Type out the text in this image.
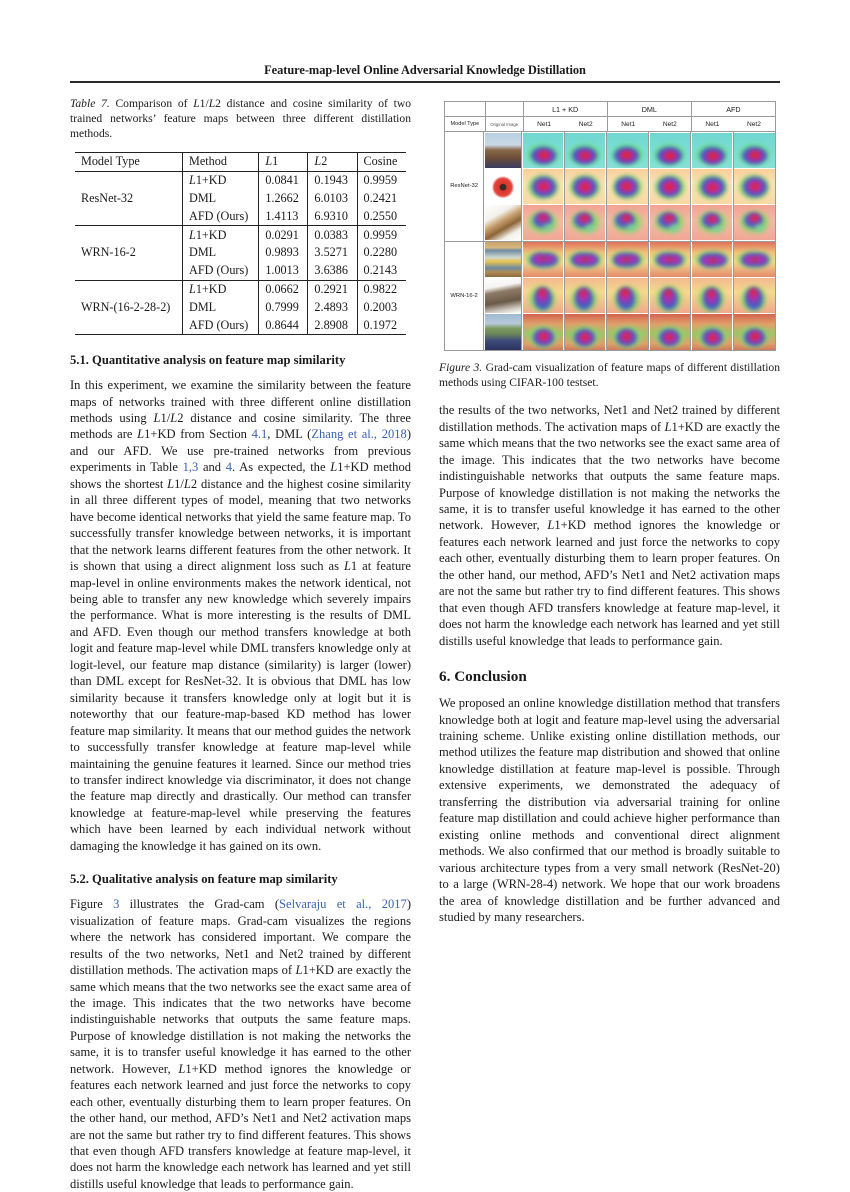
Feature-map-level Online Adversarial Knowledge Distillation
Table 7. Comparison of L1/L2 distance and cosine similarity of two trained networks’ feature maps between three different distillation methods.
Model Type	Method	L1	L2	Cosine
ResNet-32	L1+KD	0.0841	0.1943	0.9959
	DML	1.2662	6.0103	0.2421
	AFD (Ours)	1.4113	6.9310	0.2550
WRN-16-2	L1+KD	0.0291	0.0383	0.9959
	DML	0.9893	3.5271	0.2280
	AFD (Ours)	1.0013	3.6386	0.2143
WRN-(16-2-28-2)	L1+KD	0.0662	0.2921	0.9822
	DML	0.7999	2.4893	0.2003
	AFD (Ours)	0.8644	2.8908	0.1972
5.1. Quantitative analysis on feature map similarity

In this experiment, we examine the similarity between the feature maps of networks trained with three different online distillation methods using L1/L2 distance and cosine similarity. The three methods are L1+KD from Section 4.1, DML (Zhang et al., 2018) and our AFD. We use pre-trained networks from previous experiments in Table 1,3 and 4. As expected, the L1+KD method shows the shortest L1/L2 distance and the highest cosine similarity in all three different types of model, meaning that two networks have become identical networks that yield the same feature map. To successfully transfer knowledge between networks, it is important that the network learns different features from the other network. It is shown that using a direct alignment loss such as L1 at feature map-level in online environments makes the network identical, not being able to transfer any new knowledge which severely impairs the performance. What is more interesting is the results of DML and AFD. Even though our method transfers knowledge at both logit and feature map-level while DML transfers knowledge only at logit-level, our feature map distance (similarity) is larger (lower) than DML except for ResNet-32. It is obvious that DML has low similarity because it transfers knowledge only at logit but it is noteworthy that our feature-map-based KD method has lower feature map similarity. It means that our method guides the network to successfully transfer knowledge at feature map-level while maintaining the genuine features it learned. Since our method tries to transfer indirect knowledge via discriminator, it does not change the feature map directly and drastically. Our method can transfer knowledge at feature-map-level while preserving the features which have been learned by each individual network without damaging the knowledge it has gained on its own.

5.2. Qualitative analysis on feature map similarity

Figure 3 illustrates the Grad-cam (Selvaraju et al., 2017) visualization of feature maps. Grad-cam visualizes the regions where the network has considered important. We compare the results of the two networks, Net1 and Net2 trained by different distillation methods. The activation maps of L1+KD are exactly the same which means that the two networks see the exact same area of the image. This indicates that the two networks have become indistinguishable networks that outputs the same feature maps. Purpose of knowledge distillation is not making the networks the same, it is to transfer useful knowledge it has earned to the other network. However, L1+KD method ignores the knowledge or features each network learned and just force the networks to copy each other, eventually disturbing them to learn proper features. On the other hand, our method, AFD’s Net1 and Net2 activation maps are not the same but rather try to find different features. This shows that even though AFD transfers knowledge at feature map-level, it does not harm the knowledge each network has learned and yet still distills useful knowledge that leads to performance gain.

L1 + KD	DML	AFD
Model Type	Original Image	Net1	Net2	Net1	Net2	Net1	Net2
ResNet-32
WRN-16-2
Figure 3. Grad-cam visualization of feature maps of different distillation methods using CIFAR-100 testset.

the results of the two networks, Net1 and Net2 trained by different distillation methods. The activation maps of L1+KD are exactly the same which means that the two networks see the exact same area of the image. This indicates that the two networks have become indistinguishable networks that outputs the same feature maps. Purpose of knowledge distillation is not making the networks the same, it is to transfer useful knowledge it has earned to the other network. However, L1+KD method ignores the knowledge or features each network learned and just force the networks to copy each other, eventually disturbing them to learn proper features. On the other hand, our method, AFD’s Net1 and Net2 activation maps are not the same but rather try to find different features. This shows that even though AFD transfers knowledge at feature map-level, it does not harm the knowledge each network has learned and yet still distills useful knowledge that leads to performance gain.

6. Conclusion

We proposed an online knowledge distillation method that transfers knowledge both at logit and feature map-level using the adversarial training scheme. Unlike existing online distillation methods, our method utilizes the feature map distribution and showed that online knowledge distillation at feature map-level is possible. Through extensive experiments, we demonstrated the adequacy of transferring the distribution via adversarial training for online feature map distillation and could achieve higher performance than existing online methods and conventional direct alignment methods. We also confirmed that our method is broadly suitable to various architecture types from a very small network (ResNet-20) to a large (WRN-28-4) network. We hope that our work broadens the area of knowledge distillation and be further advanced and studied by many researchers.
